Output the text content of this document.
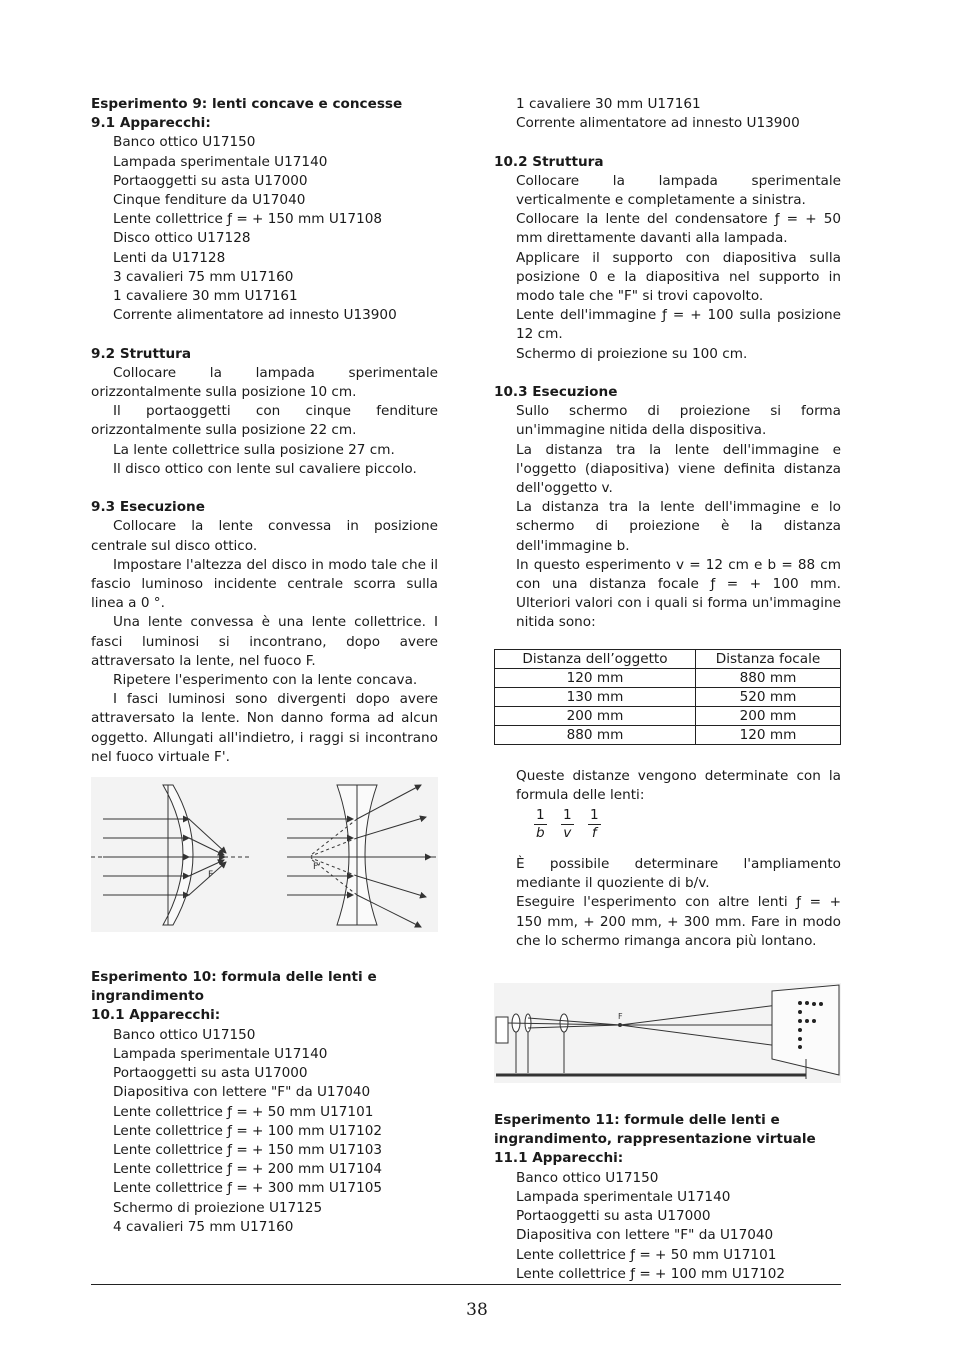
Esperimento 9: lenti concave e concesse
9.1 Apparecchi:
Banco ottico U17150
Lampada sperimentale U17140
Portaoggetti su asta U17000
Cinque fenditure da U17040
Lente collettrice ƒ = + 150 mm U17108
Disco ottico U17128
Lenti da U17128
3 cavalieri 75 mm U17160
1 cavaliere 30 mm U17161
Corrente alimentatore ad innesto U13900
9.2 Struttura
Collocare la lampada sperimentale orizzontalmente sulla posizione 10 cm.
Il portaoggetti con cinque fenditure orizzontalmente sulla posizione 22 cm.
La lente collettrice sulla posizione 27 cm.
Il disco ottico con lente sul cavaliere piccolo.
9.3 Esecuzione
Collocare la lente convessa in posizione centrale sul disco ottico.
Impostare l'altezza del disco in modo tale che il fascio luminoso incidente centrale scorra sulla linea a 0 °.
Una lente convessa è una lente collettrice. I fasci luminosi si incontrano, dopo avere attraversato la lente, nel fuoco F.
Ripetere l'esperimento con la lente concava.
I fasci luminosi sono divergenti dopo avere attraversato la lente. Non danno forma ad alcun oggetto. Allungati all'indietro, i raggi si incontrano nel fuoco virtuale F'.
F
F'
Esperimento 10: formula delle lenti e ingrandimento
10.1 Apparecchi:
Banco ottico U17150
Lampada sperimentale U17140
Portaoggetti su asta U17000
Diapositiva con lettere "F" da U17040
Lente collettrice ƒ = + 50 mm U17101
Lente collettrice ƒ = + 100 mm U17102
Lente collettrice ƒ = + 150 mm U17103
Lente collettrice ƒ = + 200 mm U17104
Lente collettrice ƒ = + 300 mm U17105
Schermo di proiezione U17125
4 cavalieri 75 mm U17160
1 cavaliere 30 mm U17161
Corrente alimentatore ad innesto U13900
10.2 Struttura
Collocare la lampada sperimentale verticalmente e completamente a sinistra.
Collocare la lente del condensatore ƒ = + 50 mm direttamente davanti alla lampada.
Applicare il supporto con diapositiva sulla posizione 0 e la diapositiva nel supporto in modo tale che "F" si trovi capovolto.
Lente dell'immagine ƒ = + 100 sulla posizione 12 cm.
Schermo di proiezione su 100 cm.
10.3 Esecuzione
Sullo schermo di proiezione si forma un'immagine nitida della dispositiva.
La distanza tra la lente dell'immagine e l'oggetto (diapositiva) viene definita distanza dell'oggetto v.
La distanza tra la lente dell'immagine e lo schermo di proiezione è la distanza dell'immagine b.
In questo esperimento v = 12 cm e b = 88 cm con una distanza focale ƒ = + 100 mm. Ulteriori valori con i quali si forma un'immagine nitida sono:
Distanza dell’oggetto	Distanza focale
120 mm	880 mm
130 mm	520 mm
200 mm	200 mm
880 mm	120 mm
Queste distanze vengono determinate con la formula delle lenti:
$\frac{1}{b}$
$\frac{1}{v}$
$\frac{1}{f}$
È possibile determinare l'ampliamento mediante il quoziente di b/v.
Eseguire l'esperimento con altre lenti ƒ = + 150 mm, + 200 mm, + 300 mm. Fare in modo che lo schermo rimanga ancora più lontano.
F
Esperimento 11: formule delle lenti e ingrandimento, rappresentazione virtuale
11.1 Apparecchi:
Banco ottico U17150
Lampada sperimentale U17140
Portaoggetti su asta U17000
Diapositiva con lettere "F" da U17040
Lente collettrice ƒ = + 50 mm U17101
Lente collettrice ƒ = + 100 mm U17102
38
